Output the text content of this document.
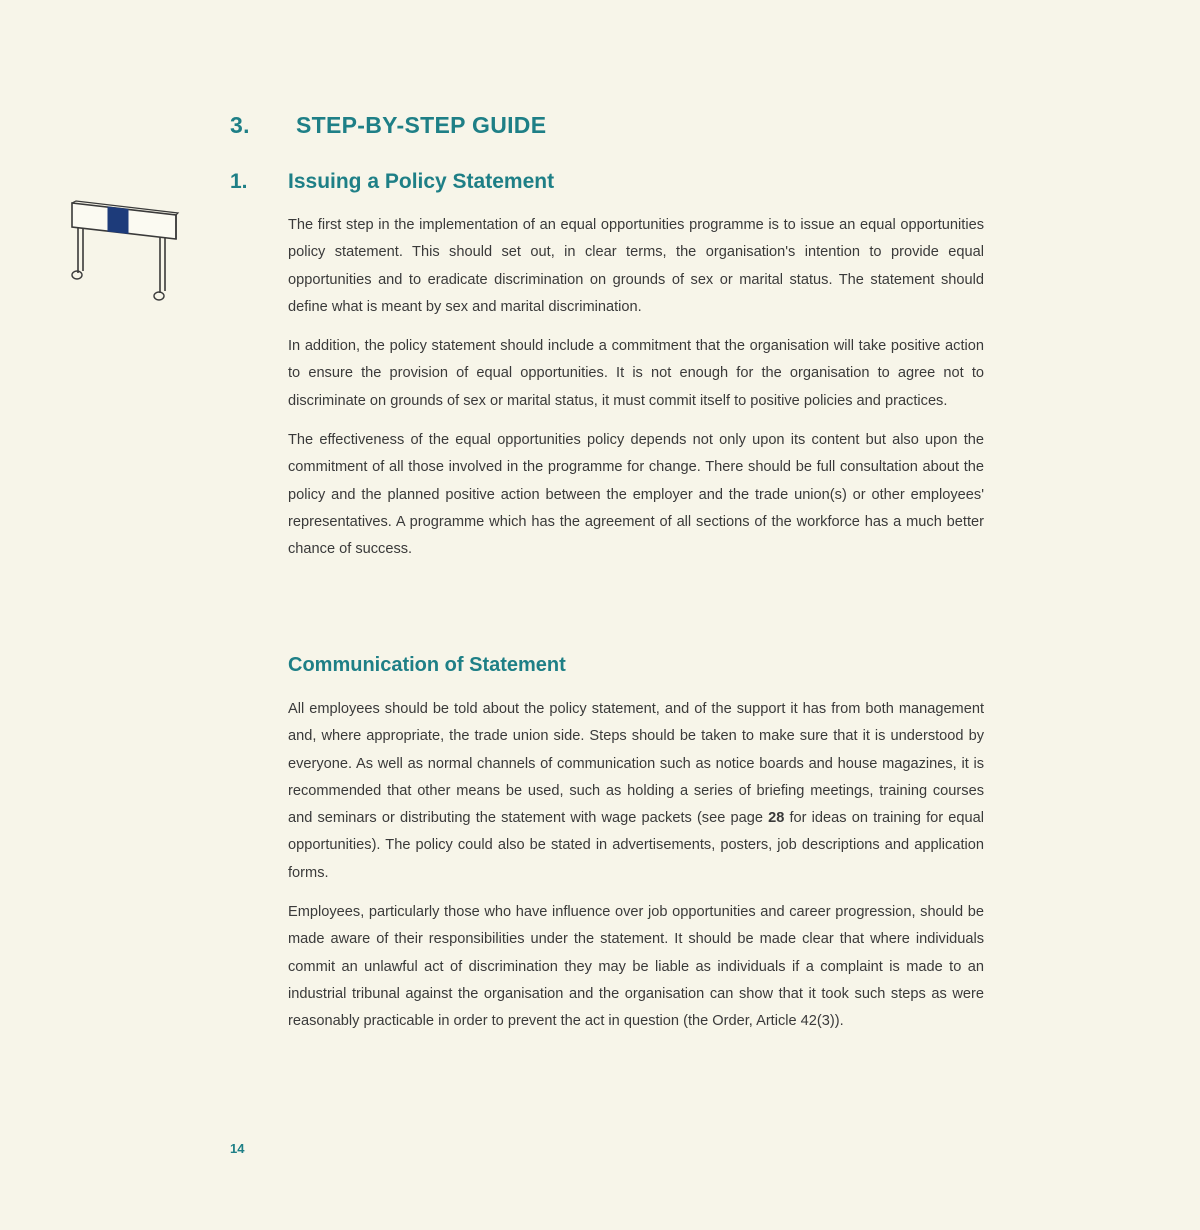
3. STEP-BY-STEP GUIDE
1. Issuing a Policy Statement

The first step in the implementation of an equal opportunities programme is to issue an equal opportunities policy statement. This should set out, in clear terms, the organisation's intention to provide equal opportunities and to eradicate discrimination on grounds of sex or marital status. The statement should define what is meant by sex and marital discrimination.

In addition, the policy statement should include a commitment that the organisation will take positive action to ensure the provision of equal opportunities. It is not enough for the organisation to agree not to discriminate on grounds of sex or marital status, it must commit itself to positive policies and practices.

The effectiveness of the equal opportunities policy depends not only upon its content but also upon the commitment of all those involved in the programme for change. There should be full consultation about the policy and the planned positive action between the employer and the trade union(s) or other employees' representatives. A programme which has the agreement of all sections of the workforce has a much better chance of success.

Communication of Statement

All employees should be told about the policy statement, and of the support it has from both management and, where appropriate, the trade union side. Steps should be taken to make sure that it is understood by everyone. As well as normal channels of communication such as notice boards and house magazines, it is recommended that other means be used, such as holding a series of briefing meetings, training courses and seminars or distributing the statement with wage packets (see page 28 for ideas on training for equal opportunities). The policy could also be stated in advertisements, posters, job descriptions and application forms.

Employees, particularly those who have influence over job opportunities and career progression, should be made aware of their responsibilities under the statement. It should be made clear that where individuals commit an unlawful act of discrimination they may be liable as individuals if a complaint is made to an industrial tribunal against the organisation and the organisation can show that it took such steps as were reasonably practicable in order to prevent the act in question (the Order, Article 42(3)).

14
